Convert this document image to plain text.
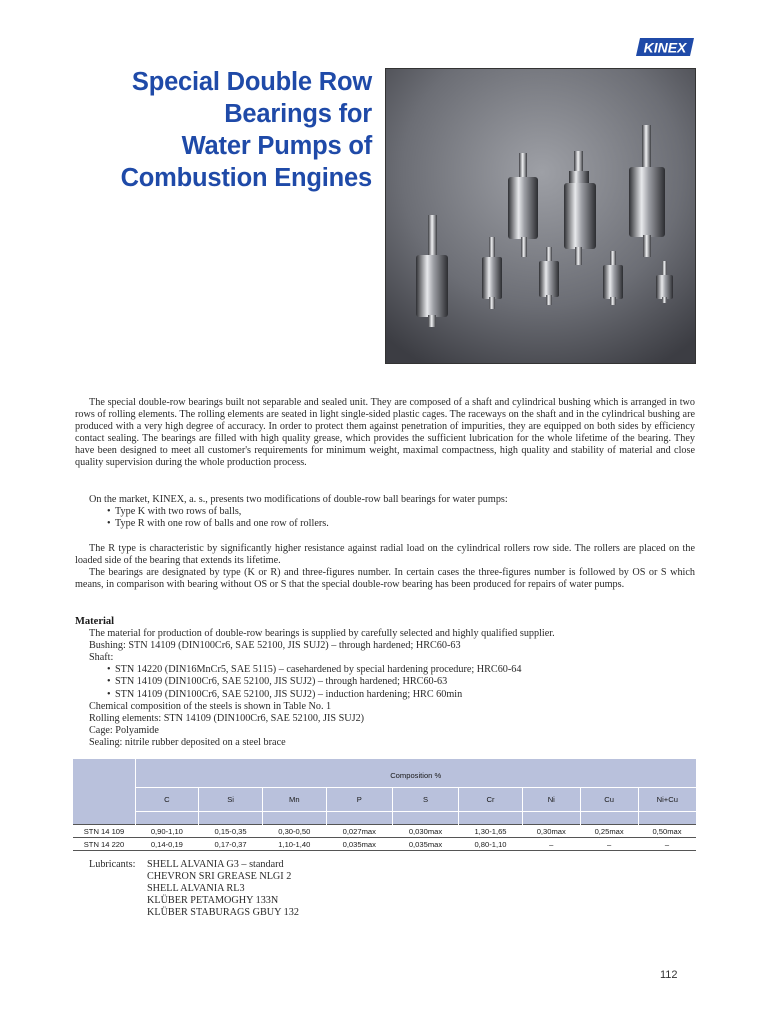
KINEX
Special Double Row
Bearings for
Water Pumps of
Combustion Engines

The special double-row bearings built not separable and sealed unit. They are composed of a shaft and cylindrical bushing which is arranged in two rows of rolling elements. The rolling elements are seated in light single-sided plastic cages. The raceways on the shaft and in the cylindrical bushing are produced with a very high degree of accuracy. In order to protect them against penetration of impurities, they are equipped on both sides by efficiency contact sealing. The bearings are filled with high quality grease, which provides the sufficient lubrication for the whole lifetime of the bearing. They have been designed to meet all customer's requirements for minimum weight, maximal compactness, high quality and stability of material and close quality supervision during the whole production process.

On the market, KINEX, a. s., presents two modifications of double-row ball bearings for water pumps:

• Type K with two rows of balls,
• Type R with one row of balls and one row of rollers.

The R type is characteristic by significantly higher resistance against radial load on the cylindrical rollers row side. The rollers are placed on the loaded side of the bearing that extends its lifetime.

The bearings are designated by type (K or R) and three-figures number. In certain cases the three-figures number is followed by OS or S which means, in comparison with bearing without OS or S that the special double-row bearing has been produced for repairs of water pumps.

Material

The material for production of double-row bearings is supplied by carefully selected and highly qualified supplier.

Bushing: STN 14109 (DIN100Cr6, SAE 52100, JIS SUJ2) – through hardened; HRC60-63

Shaft:

• STN 14220 (DIN16MnCr5, SAE 5115) – casehardened by special hardening procedure; HRC60-64
• STN 14109 (DIN100Cr6, SAE 52100, JIS SUJ2) – through hardened; HRC60-63
• STN 14109 (DIN100Cr6, SAE 52100, JIS SUJ2) – induction hardening; HRC 60min

Chemical composition of the steels is shown in Table No. 1

Rolling elements: STN 14109 (DIN100Cr6, SAE 52100, JIS SUJ2)

Cage: Polyamide

Sealing: nitrile rubber deposited on a steel brace

	Composition %								
	C	Si	Mn	P	S	Cr	Ni	Cu	Ni+Cu

STN 14 109	0,90-1,10	0,15-0,35	0,30-0,50	0,027max	0,030max	1,30-1,65	0,30max	0,25max	0,50max
STN 14 220	0,14-0,19	0,17-0,37	1,10-1,40	0,035max	0,035max	0,80-1,10	–	–	–
Lubricants: SHELL ALVANIA G3 – standard
CHEVRON SRI GREASE NLGI 2
SHELL ALVANIA RL3
KLÜBER PETAMOGHY 133N
KLÜBER STABURAGS GBUY 132
112
